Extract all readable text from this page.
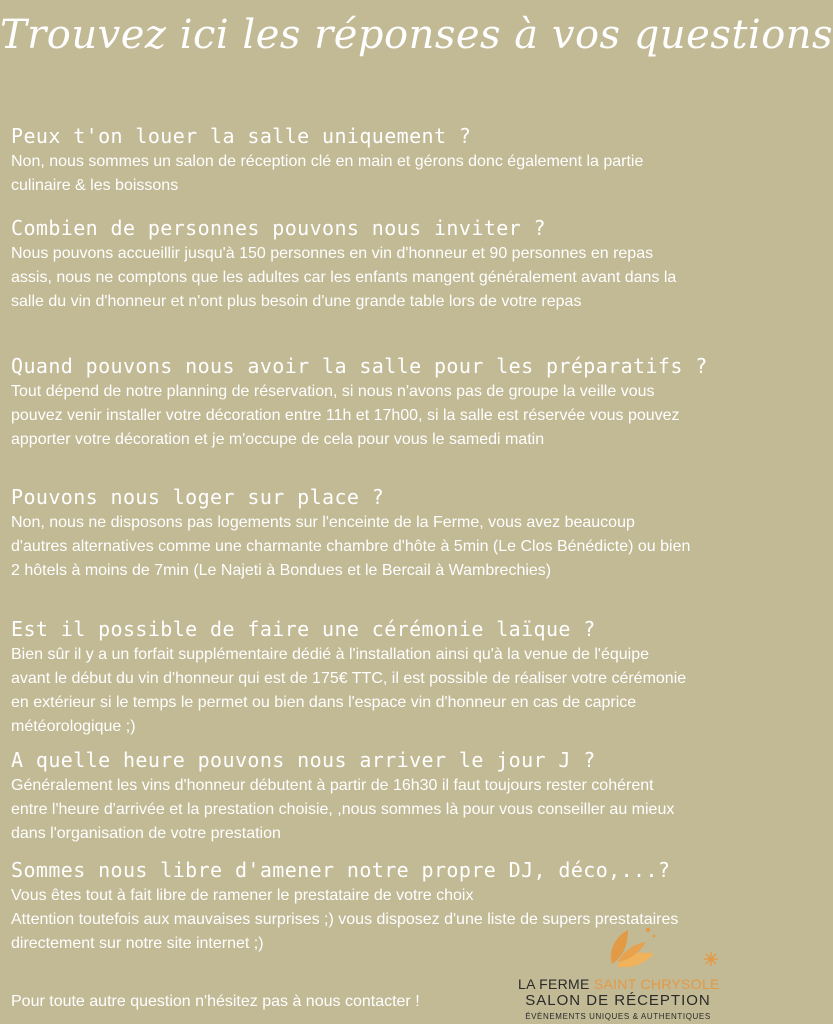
Trouvez ici les réponses à vos questions

Peux t'on louer la salle uniquement ?

Non, nous sommes un salon de réception clé en main et gérons donc également la partie culinaire & les boissons

Combien de personnes pouvons nous inviter ?

Nous pouvons accueillir jusqu'à 150 personnes en vin d'honneur et 90 personnes en repas assis, nous ne comptons que les adultes car les enfants mangent généralement avant dans la salle du vin d'honneur et n'ont plus besoin d'une grande table lors de votre repas

Quand pouvons nous avoir la salle pour les préparatifs ?

Tout dépend de notre planning de réservation, si nous n'avons pas de groupe la veille vous pouvez venir installer votre décoration entre 11h et 17h00, si la salle est réservée vous pouvez apporter votre décoration et je m'occupe de cela pour vous le samedi matin

Pouvons nous loger sur place ?

Non, nous ne disposons pas logements sur l'enceinte de la Ferme, vous avez beaucoup d'autres alternatives comme une charmante chambre d'hôte à 5min (Le Clos Bénédicte) ou bien 2 hôtels à moins de 7min (Le Najeti à Bondues et le Bercail à Wambrechies)

Est il possible de faire une cérémonie laïque ?

Bien sûr il y a un forfait supplémentaire dédié à l'installation ainsi qu'à la venue de l'équipe avant le début du vin d'honneur qui est de 175€ TTC, il est possible de réaliser votre cérémonie en extérieur si le temps le permet ou bien dans l'espace vin d'honneur en cas de caprice météorologique ;)

A quelle heure pouvons nous arriver le jour J ?

Généralement les vins d'honneur débutent à partir de 16h30 il faut toujours rester cohérent entre l'heure d'arrivée et la prestation choisie, ,nous sommes là pour vous conseiller au mieux dans l'organisation de votre prestation

Sommes nous libre d'amener notre propre DJ, déco,...?

Vous êtes tout à fait libre de ramener le prestataire de votre choix
Attention toutefois aux mauvaises surprises ;) vous disposez d'une liste de supers prestataires directement sur notre site internet ;)

Pour toute autre question n'hésitez pas à nous contacter !
LA FERME SAINT CHRYSOLE
SALON DE RÉCEPTION
ÉVÈNEMENTS UNIQUES & AUTHENTIQUES
